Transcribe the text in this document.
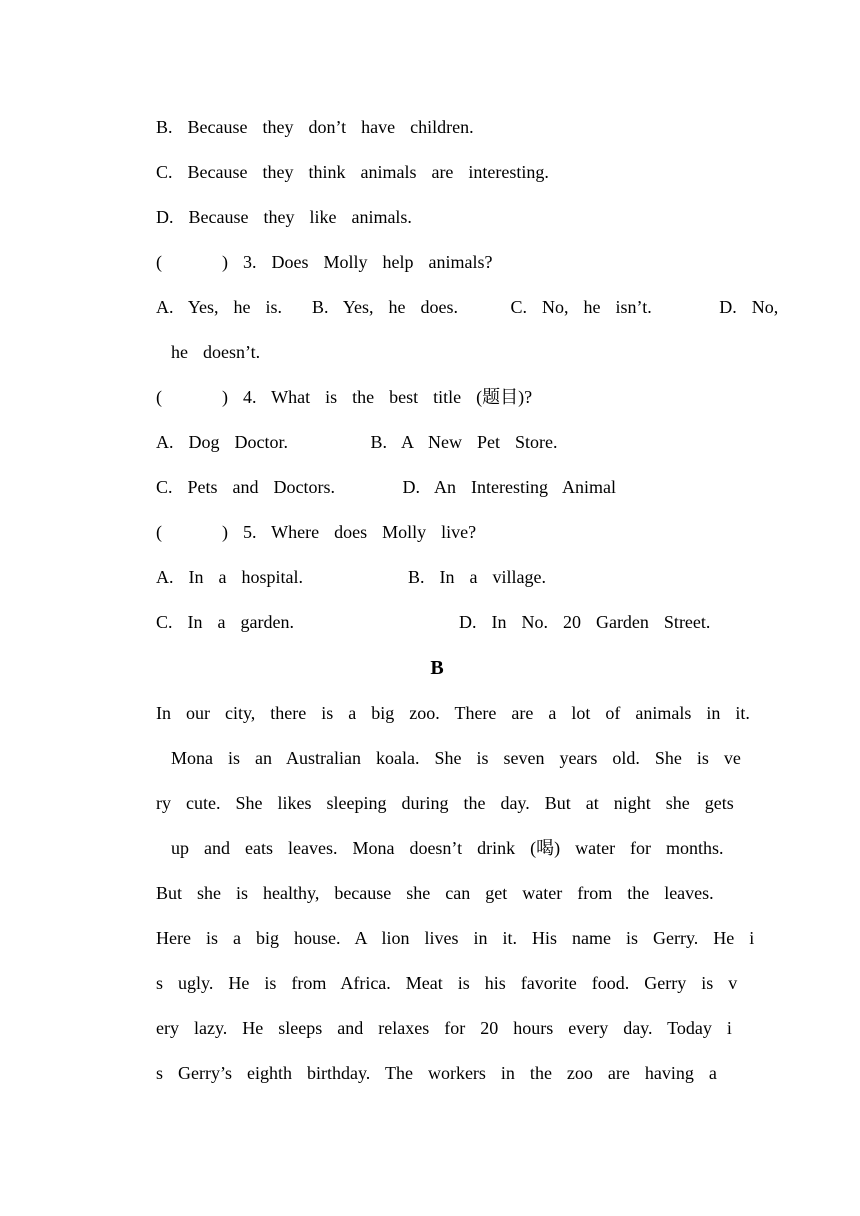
B.  Because  they  don’t  have  children.
C.  Because  they  think  animals  are  interesting.
D.  Because  they  like  animals.
(        )  3.  Does  Molly  help  animals?
A.  Yes,  he  is.    B.  Yes,  he  does.       C.  No,  he  isn’t.         D.  No,
he  doesn’t.
(        )  4.  What  is  the  best  title  (题目)?
A.  Dog  Doctor.           B.  A  New  Pet  Store.
C.  Pets  and  Doctors.         D.  An  Interesting  Animal
(        )  5.  Where  does  Molly  live?
A.  In  a  hospital.              B.  In  a  village.
C.  In  a  garden.                      D.  In  No.  20  Garden  Street.
B
In  our  city,  there  is  a  big  zoo.  There  are  a  lot  of  animals  in  it.
Mona  is  an  Australian  koala.  She  is  seven  years  old.  She  is  ve
ry  cute.  She  likes  sleeping  during  the  day.  But  at  night  she  gets
up  and  eats  leaves.  Mona  doesn’t  drink  (喝)  water  for  months.
But  she  is  healthy,  because  she  can  get  water  from  the  leaves.
Here  is  a  big  house.  A  lion  lives  in  it.  His  name  is  Gerry.  He  i
s  ugly.  He  is  from  Africa.  Meat  is  his  favorite  food.  Gerry  is  v
ery  lazy.  He  sleeps  and  relaxes  for  20  hours  every  day.  Today  i
s  Gerry’s  eighth  birthday.  The  workers  in  the  zoo  are  having  a
